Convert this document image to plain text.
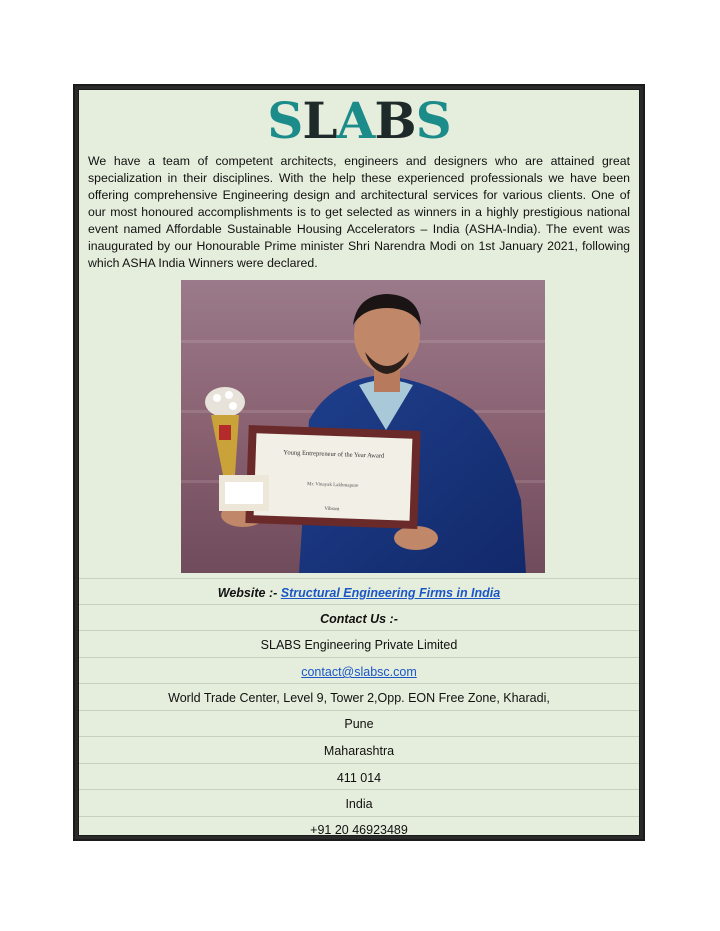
SLABS
We have a team of competent architects, engineers and designers who are attained great specialization in their disciplines. With the help these experienced professionals we have been offering comprehensive Engineering design and architectural services for various clients. One of our most honoured accomplishments is to get selected as winners in a highly prestigious national event named Affordable Sustainable Housing Accelerators – India (ASHA-India). The event was inaugurated by our Honourable Prime minister Shri Narendra Modi on 1st January 2021, following which ASHA India Winners were declared.
Young Entrepreneur of the Year Award
Mr. Vinayak Lakhmapure
Vibrant
Website :- Structural Engineering Firms in India
Contact Us :-
SLABS Engineering Private Limited
contact@slabsc.com
World Trade Center, Level 9, Tower 2,Opp. EON Free Zone, Kharadi,
Pune
Maharashtra
411 014
India
+91 20 46923489
